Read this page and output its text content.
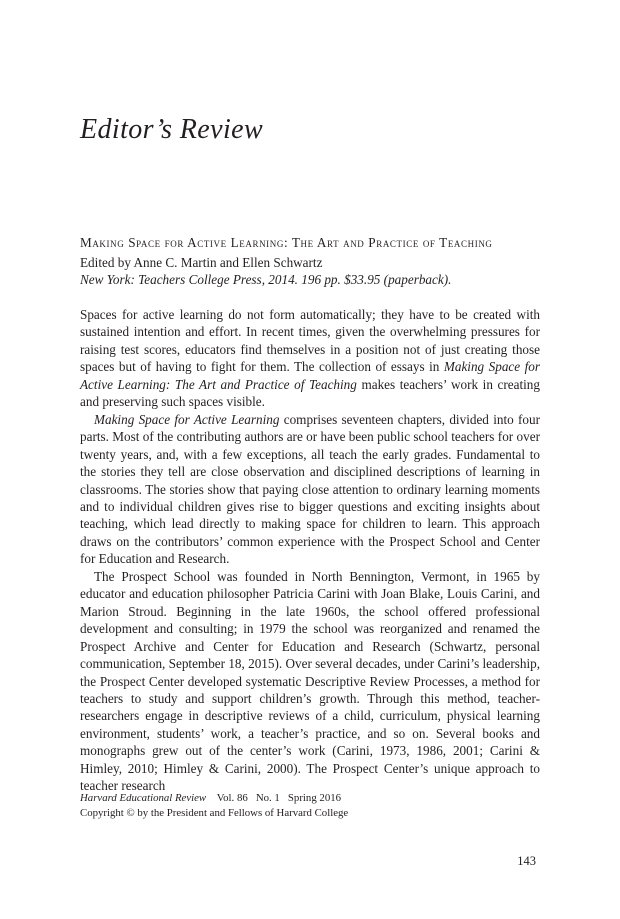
Editor’s Review
Making Space for Active Learning: The Art and Practice of Teaching
Edited by Anne C. Martin and Ellen Schwartz
New York: Teachers College Press, 2014. 196 pp. $33.95 (paperback).

Spaces for active learning do not form automatically; they have to be created with sustained intention and effort. In recent times, given the overwhelming pressures for raising test scores, educators find themselves in a position not of just creating those spaces but of having to fight for them. The collection of essays in Making Space for Active Learning: The Art and Practice of Teaching makes teachers’ work in creating and preserving such spaces visible.

Making Space for Active Learning comprises seventeen chapters, divided into four parts. Most of the contributing authors are or have been public school teachers for over twenty years, and, with a few exceptions, all teach the early grades. Fundamental to the stories they tell are close observation and disciplined descriptions of learning in classrooms. The stories show that paying close attention to ordinary learning moments and to individual children gives rise to bigger questions and exciting insights about teaching, which lead directly to making space for children to learn. This approach draws on the contributors’ common experience with the Prospect School and Center for Education and Research.

The Prospect School was founded in North Bennington, Vermont, in 1965 by educator and education philosopher Patricia Carini with Joan Blake, Louis Carini, and Marion Stroud. Beginning in the late 1960s, the school offered professional development and consulting; in 1979 the school was reorganized and renamed the Prospect Archive and Center for Education and Research (Schwartz, personal communication, September 18, 2015). Over several decades, under Carini’s leadership, the Prospect Center developed systematic Descriptive Review Processes, a method for teachers to study and support children’s growth. Through this method, teacher-researchers engage in descriptive reviews of a child, curriculum, physical learning environment, students’ work, a teacher’s practice, and so on. Several books and monographs grew out of the center’s work (Carini, 1973, 1986, 2001; Carini & Himley, 2010; Himley & Carini, 2000). The Prospect Center’s unique approach to teacher research

Harvard Educational Review    Vol. 86   No. 1   Spring 2016
Copyright © by the President and Fellows of Harvard College
143
